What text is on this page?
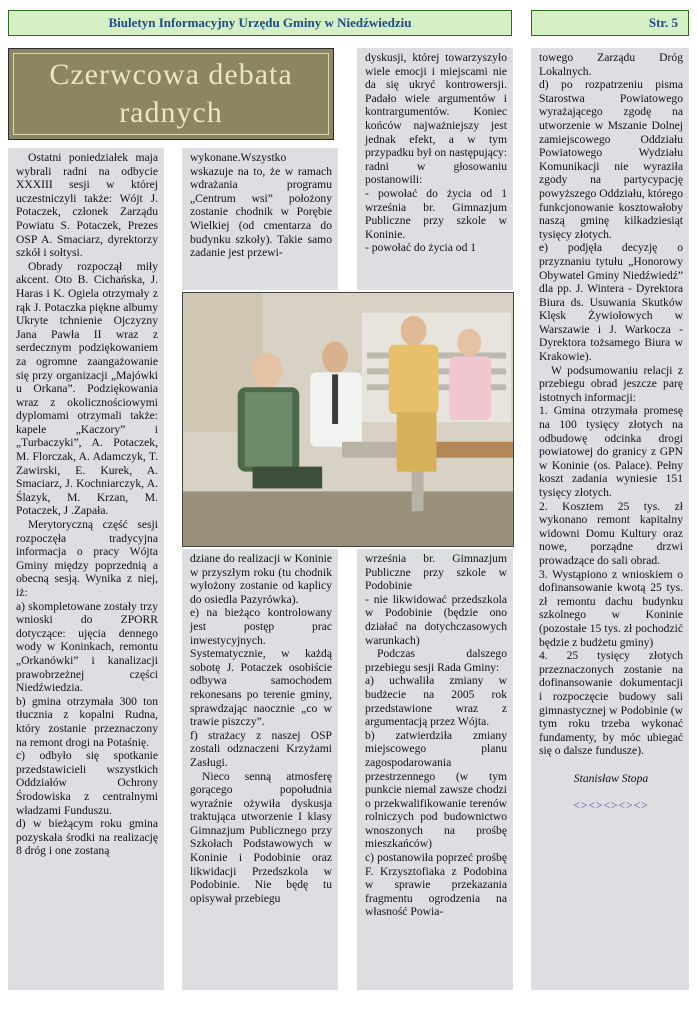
Biuletyn Informacyjny Urzędu Gminy w Niedźwiedziu	Str. 5
Czerwcowa debata radnych

Ostatni poniedziałek maja wybrali radni na odbycie XXXIII sesji w której uczestniczyli także: Wójt J. Potaczek, członek Zarządu Powiatu S. Potaczek, Prezes OSP A. Smaciarz, dyrektorzy szkół i sołtysi.

Obrady rozpoczął miły akcent. Oto B. Cichańska, J. Haras i K. Ogiela otrzymały z rąk J. Potaczka piękne albumy Ukryte tchnienie Ojczyzny Jana Pawła II wraz z serdecznym podziękowaniem za ogromne zaangażowanie się przy organizacji „Majówki u Orkana”. Podziękowania wraz z okolicznościowymi dyplomami otrzymali także: kapele „Kaczory” i „Turbaczyki”, A. Potaczek, M. Florczak, A. Adamczyk, T. Zawirski, E. Kurek, A. Smaciarz, J. Kochniarczyk, A. Ślazyk, M. Krzan, M. Potaczek, J .Zapała.

Merytoryczną część sesji rozpoczęła tradycyjna informacja o pracy Wójta Gminy między poprzednią a obecną sesją. Wynika z niej, iż:

a) skompletowane zostały trzy wnioski do ZPORR dotyczące: ujęcia dennego wody w Koninkach, remontu „Orkanówki” i kanalizacji prawobrzeżnej części Niedźwiedzia.

b) gmina otrzymała 300 ton tłucznia z kopalni Rudna, który zostanie przeznaczony na remont drogi na Potaśnię.

c) odbyło się spotkanie przedstawicieli wszystkich Oddziałów Ochrony Środowiska z centralnymi władzami Funduszu.

d) w bieżącym roku gmina pozyskała środki na realizację 8 dróg i one zostaną

wykonane.Wszystko wskazuje na to, że w ramach wdrażania programu „Centrum wsi” położony zostanie chodnik w Porębie Wielkiej (od cmentarza do budynku szkoły). Takie samo zadanie jest przewi-

dyskusji, której towarzyszyło wiele emocji i miejscami nie da się ukryć kontrowersji. Padało wiele argumentów i kontrargumentów. Koniec końców najważniejszy jest jednak efekt, a w tym przypadku był on następujący: radni w głosowaniu postanowili:

- powołać do życia od 1 września br. Gimnazjum Publiczne przy szkole w Koninie.

- powołać do życia od 1

dziane do realizacji w Koninie w przyszłym roku (tu chodnik wyłożony zostanie od kaplicy do osiedla Pazyrówka).

e) na bieżąco kontrolowany jest postęp prac inwestycyjnych. Systematycznie, w każdą sobotę J. Potaczek osobiście odbywa samochodem rekonesans po terenie gminy, sprawdzając naocznie „co w trawie piszczy”.

f) strażacy z naszej OSP zostali odznaczeni Krzyżami Zasługi.

Nieco senną atmosferę gorącego popołudnia wyraźnie ożywiła dyskusja traktująca utworzenie I klasy Gimnazjum Publicznego przy Szkołach Podstawowych w Koninie i Podobinie oraz likwidacji Przedszkola w Podobinie. Nie będę tu opisywał przebiegu

września br. Gimnazjum Publiczne przy szkole w Podobinie

- nie likwidować przedszkola w Podobinie (będzie ono działać na dotychczasowych warunkach)

Podczas dalszego przebiegu sesji Rada Gminy:

a) uchwaliła zmiany w budżecie na 2005 rok przedstawione wraz z argumentacją przez Wójta.

b) zatwierdziła zmiany miejscowego planu zagospodarowania przestrzennego (w tym punkcie niemal zawsze chodzi o przekwalifikowanie terenów rolniczych pod budownictwo wnoszonych na prośbę mieszkańców)

c) postanowiła poprzeć prośbę F. Krzysztofiaka z Podobina w sprawie przekazania fragmentu ogrodzenia na własność Powia-

towego Zarządu Dróg Lokalnych.

d) po rozpatrzeniu pisma Starostwa Powiatowego wyrażającego zgodę na utworzenie w Mszanie Dolnej zamiejscowego Oddziału Powiatowego Wydziału Komunikacji nie wyraziła zgody na partycypację powyższego Oddziału, którego funkcjonowanie kosztowałoby naszą gminę kilkadziesiąt tysięcy złotych.

e) podjęła decyzję o przyznaniu tytułu „Honorowy Obywatel Gminy Niedźwiedź” dla pp. J. Wintera - Dyrektora Biura ds. Usuwania Skutków Klęsk Żywiołowych w Warszawie i J. Warkocza - Dyrektora tożsamego Biura w Krakowie).

W podsumowaniu relacji z przebiegu obrad jeszcze parę istotnych informacji:

1. Gmina otrzymała promesę na 100 tysięcy złotych na odbudowę odcinka drogi powiatowej do granicy z GPN w Koninie (os. Palace). Pełny koszt zadania wyniesie 151 tysięcy złotych.

2. Kosztem 25 tys. zł wykonano remont kapitalny widowni Domu Kultury oraz nowe, porządne drzwi prowadzące do sali obrad.

3. Wystąpiono z wnioskiem o dofinansowanie kwotą 25 tys. zł remontu dachu budynku szkolnego w Koninie (pozostałe 15 tys. zł pochodzić będzie z budżetu gminy)

4. 25 tysięcy złotych przeznaczonych zostanie na dofinansowanie dokumentacji i rozpoczęcie budowy sali gimnastycznej w Podobinie (w tym roku trzeba wykonać fundamenty, by móc ubiegać się o dalsze fundusze).

Stanisław Stopa

<><><><><>
